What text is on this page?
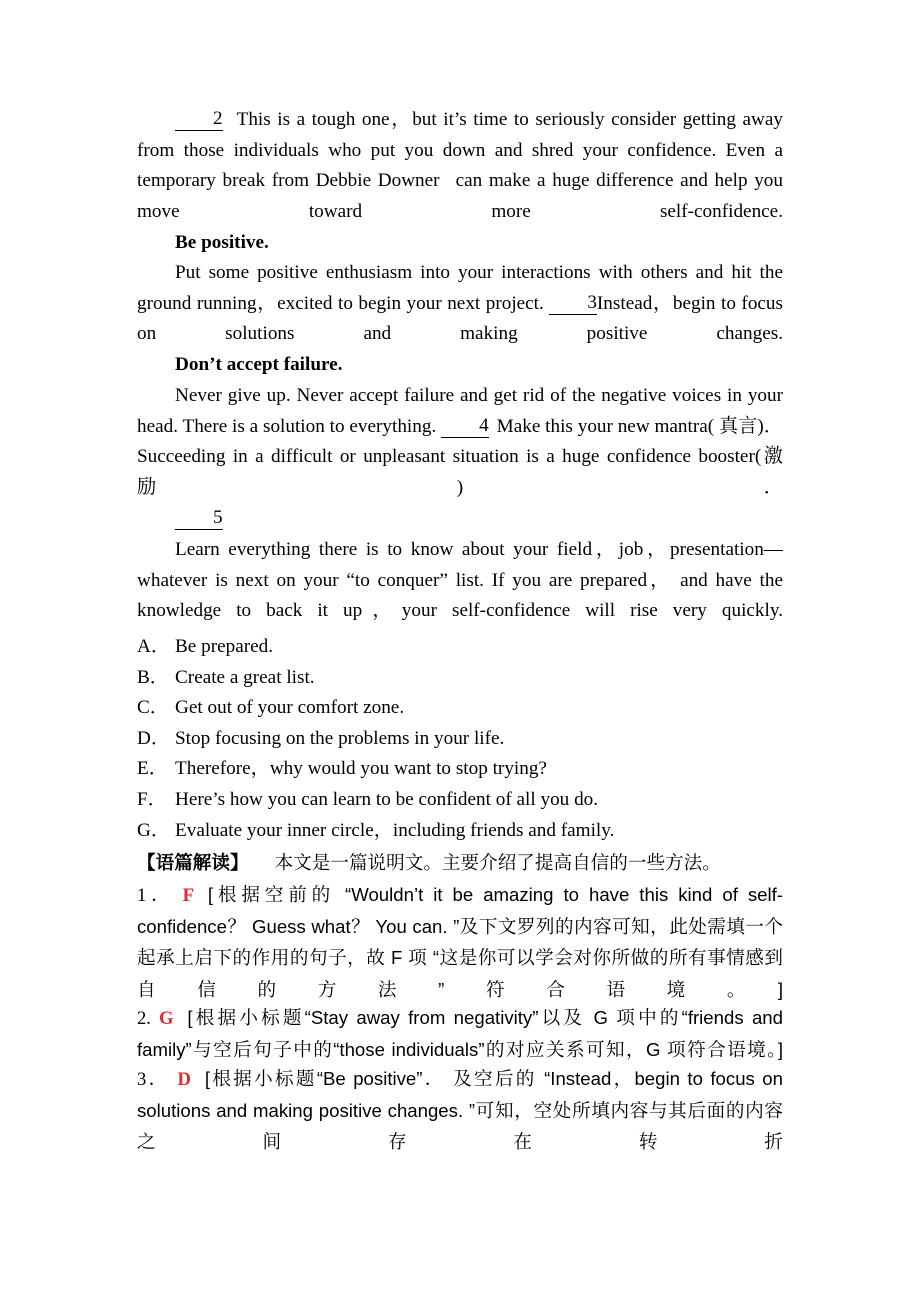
2 This is a tough one，but it’s time to seriously consider getting away from those individuals who put you down and shred your confidence. Even a temporary break from Debbie Downer can make a huge difference and help you move toward more self-confidence.

Be positive.

Put some positive enthusiasm into your interactions with others and hit the ground running，excited to begin your next project. 3Instead，begin to focus on solutions and making positive changes.

Don’t accept failure.

Never give up. Never accept failure and get rid of the negative voices in your head. There is a solution to everything. 4 Make this your new mantra( 真言)． Succeeding in a difficult or unpleasant situation is a huge confidence booster(激励)．

5

Learn everything there is to know about your field，job，presentation—whatever is next on your “to conquer” list. If you are prepared， and have the knowledge to back it up，your self‐confidence will rise very quickly.

A． Be prepared.
B． Create a great list.
C． Get out of your comfort zone.
D． Stop focusing on the problems in your life.
E． Therefore，why would you want to stop trying?
F． Here’s how you can learn to be confident of all you do.
G． Evaluate your inner circle，including friends and family.

【语篇解读】 本文是一篇说明文。主要介绍了提高自信的一些方法。

1． F [根据空前的 “Wouldn’t it be amazing to have this kind of self-confidence？ Guess what？ You can. ”及下文罗列的内容可知，此处需填一个起承上启下的作用的句子，故 F 项 “这是你可以学会对你所做的所有事情感到自信的方法”符合语境。]

2. G [根据小标题“Stay away from negativity”以及 G 项中的“friends and family”与空后句子中的“those individuals”的对应关系可知，G 项符合语境。]

3． D [根据小标题“Be positive”． 及空后的 “Instead，begin to focus on solutions and making positive changes. ”可知，空处所填内容与其后面的内容之间存在转折
